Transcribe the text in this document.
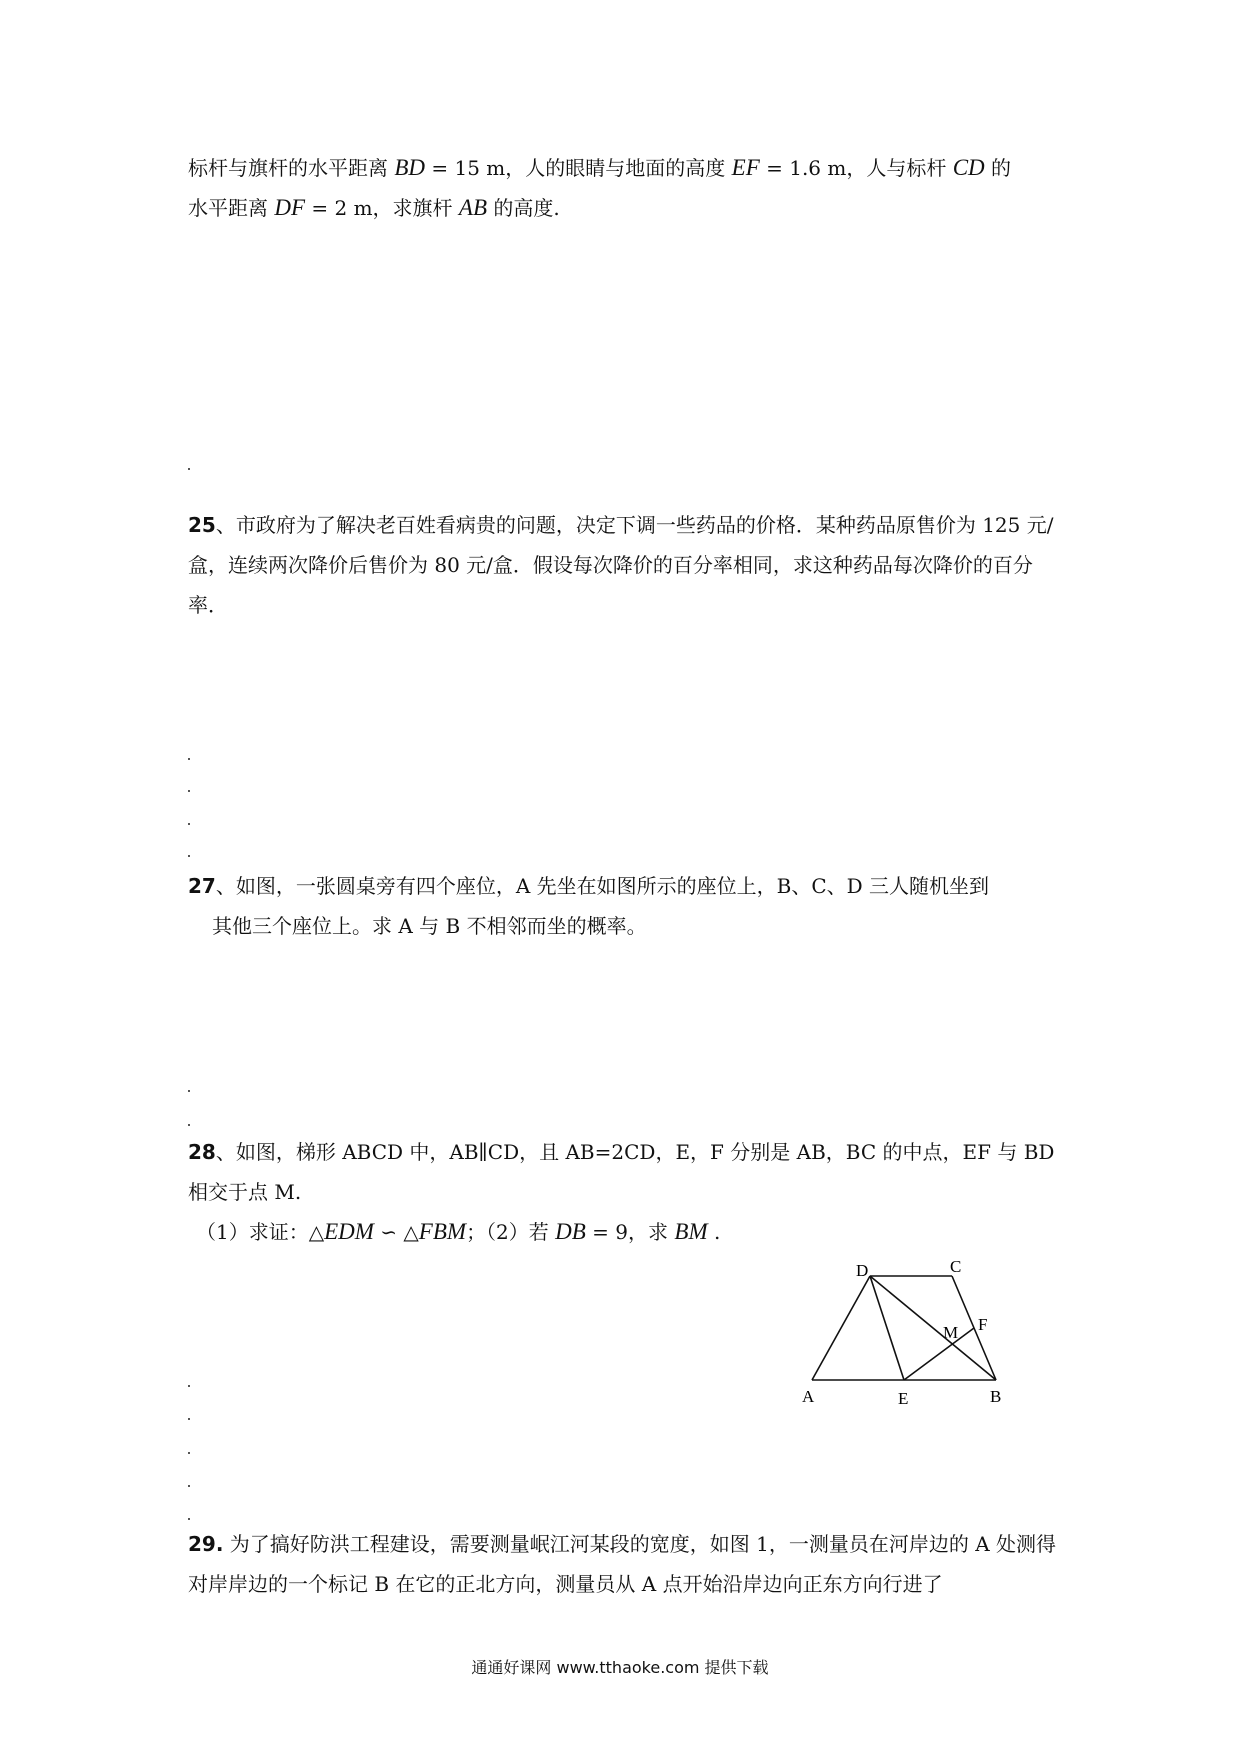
标杆与旗杆的水平距离 BD = 15 m，人的眼睛与地面的高度 EF = 1.6 m，人与标杆 CD 的
水平距离 DF = 2 m，求旗杆 AB 的高度.

25、市政府为了解决老百姓看病贵的问题，决定下调一些药品的价格．某种药品原售价为 125 元/盒，连续两次降价后售价为 80 元/盒．假设每次降价的百分率相同，求这种药品每次降价的百分率．

27、如图，一张圆桌旁有四个座位，A 先坐在如图所示的座位上，B、C、D 三人随机坐到
其他三个座位上。求 A 与 B 不相邻而坐的概率。

28、如图，梯形 ABCD 中，AB∥CD，且 AB=2CD，E，F 分别是 AB，BC 的中点，EF 与 BD 相交于点 M.
（1）求证：△EDM ∽ △FBM；（2）若 DB = 9，求 BM .

D	C
M F
A	E	B

29. 为了搞好防洪工程建设，需要测量岷江河某段的宽度，如图 1，一测量员在河岸边的 A 处测得对岸岸边的一个标记 B 在它的正北方向，测量员从 A 点开始沿岸边向正东方向行进了

通通好课网 www.tthaoke.com 提供下载
